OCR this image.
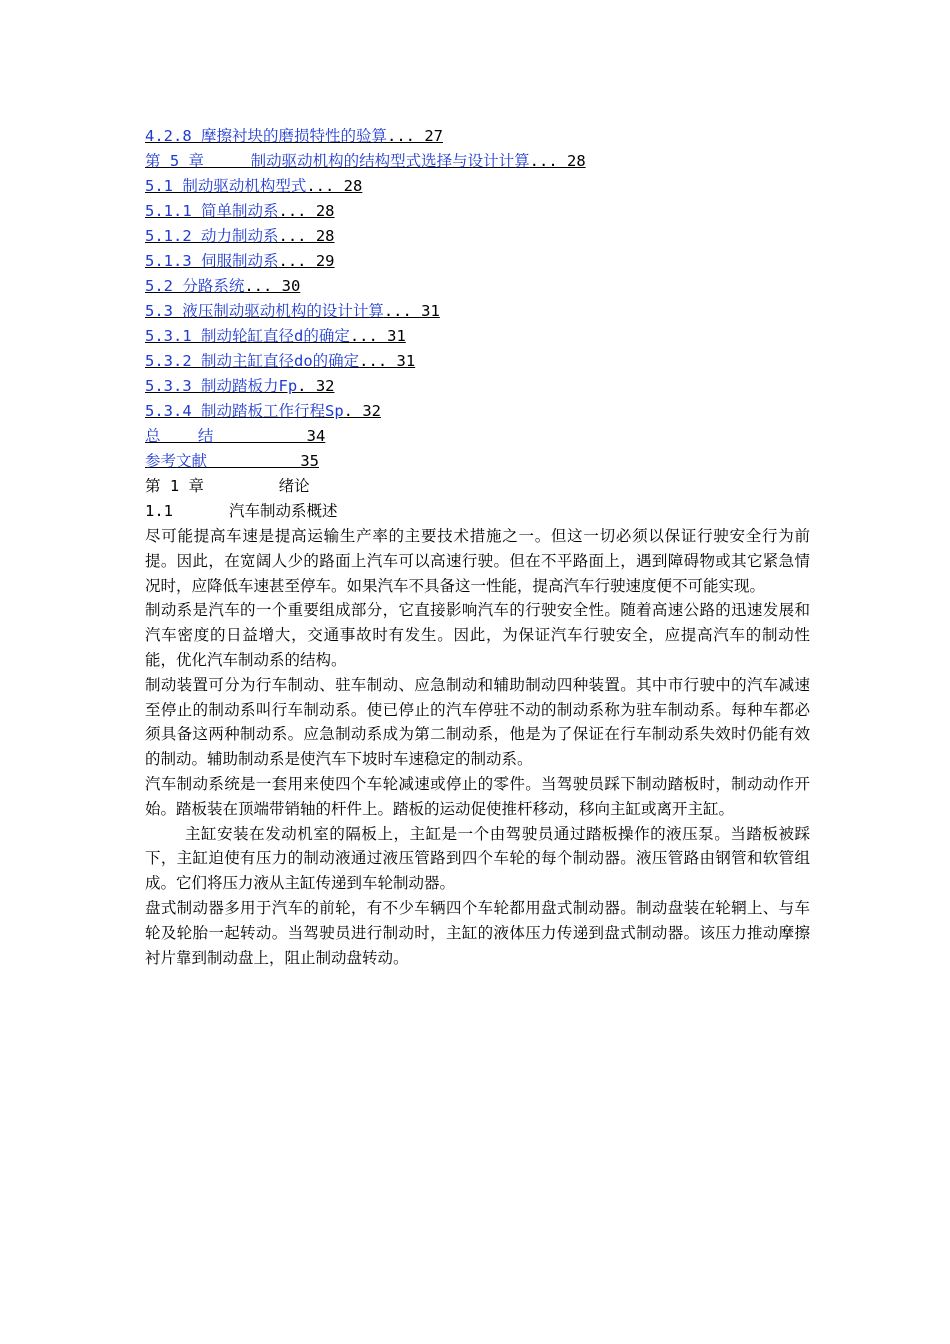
4.2.8 摩擦衬块的磨损特性的验算... 27
第 5 章     制动驱动机构的结构型式选择与设计计算... 28
5.1 制动驱动机构型式... 28
5.1.1 简单制动系... 28
5.1.2 动力制动系... 28
5.1.3 伺服制动系... 29
5.2 分路系统... 30
5.3 液压制动驱动机构的设计计算... 31
5.3.1 制动轮缸直径d的确定... 31
5.3.2 制动主缸直径do的确定... 31
5.3.3 制动踏板力Fp. 32
5.3.4 制动踏板工作行程Sp. 32
总    结          34
参考文献          35
第 1 章        绪论
1.1      汽车制动系概述

尽可能提高车速是提高运输生产率的主要技术措施之一。但这一切必须以保证行驶安全行为前提。因此，在宽阔人少的路面上汽车可以高速行驶。但在不平路面上，遇到障碍物或其它紧急情况时，应降低车速甚至停车。如果汽车不具备这一性能，提高汽车行驶速度便不可能实现。

制动系是汽车的一个重要组成部分，它直接影响汽车的行驶安全性。随着高速公路的迅速发展和汽车密度的日益增大，交通事故时有发生。因此，为保证汽车行驶安全，应提高汽车的制动性能，优化汽车制动系的结构。

制动装置可分为行车制动、驻车制动、应急制动和辅助制动四种装置。其中市行驶中的汽车减速至停止的制动系叫行车制动系。使已停止的汽车停驻不动的制动系称为驻车制动系。每种车都必须具备这两种制动系。应急制动系成为第二制动系，他是为了保证在行车制动系失效时仍能有效的制动。辅助制动系是使汽车下坡时车速稳定的制动系。

汽车制动系统是一套用来使四个车轮减速或停止的零件。当驾驶员踩下制动踏板时，制动动作开始。踏板装在顶端带销轴的杆件上。踏板的运动促使推杆移动，移向主缸或离开主缸。

主缸安装在发动机室的隔板上，主缸是一个由驾驶员通过踏板操作的液压泵。当踏板被踩下，主缸迫使有压力的制动液通过液压管路到四个车轮的每个制动器。液压管路由钢管和软管组成。它们将压力液从主缸传递到车轮制动器。

盘式制动器多用于汽车的前轮，有不少车辆四个车轮都用盘式制动器。制动盘装在轮辋上、与车轮及轮胎一起转动。当驾驶员进行制动时，主缸的液体压力传递到盘式制动器。该压力推动摩擦衬片靠到制动盘上，阻止制动盘转动。
